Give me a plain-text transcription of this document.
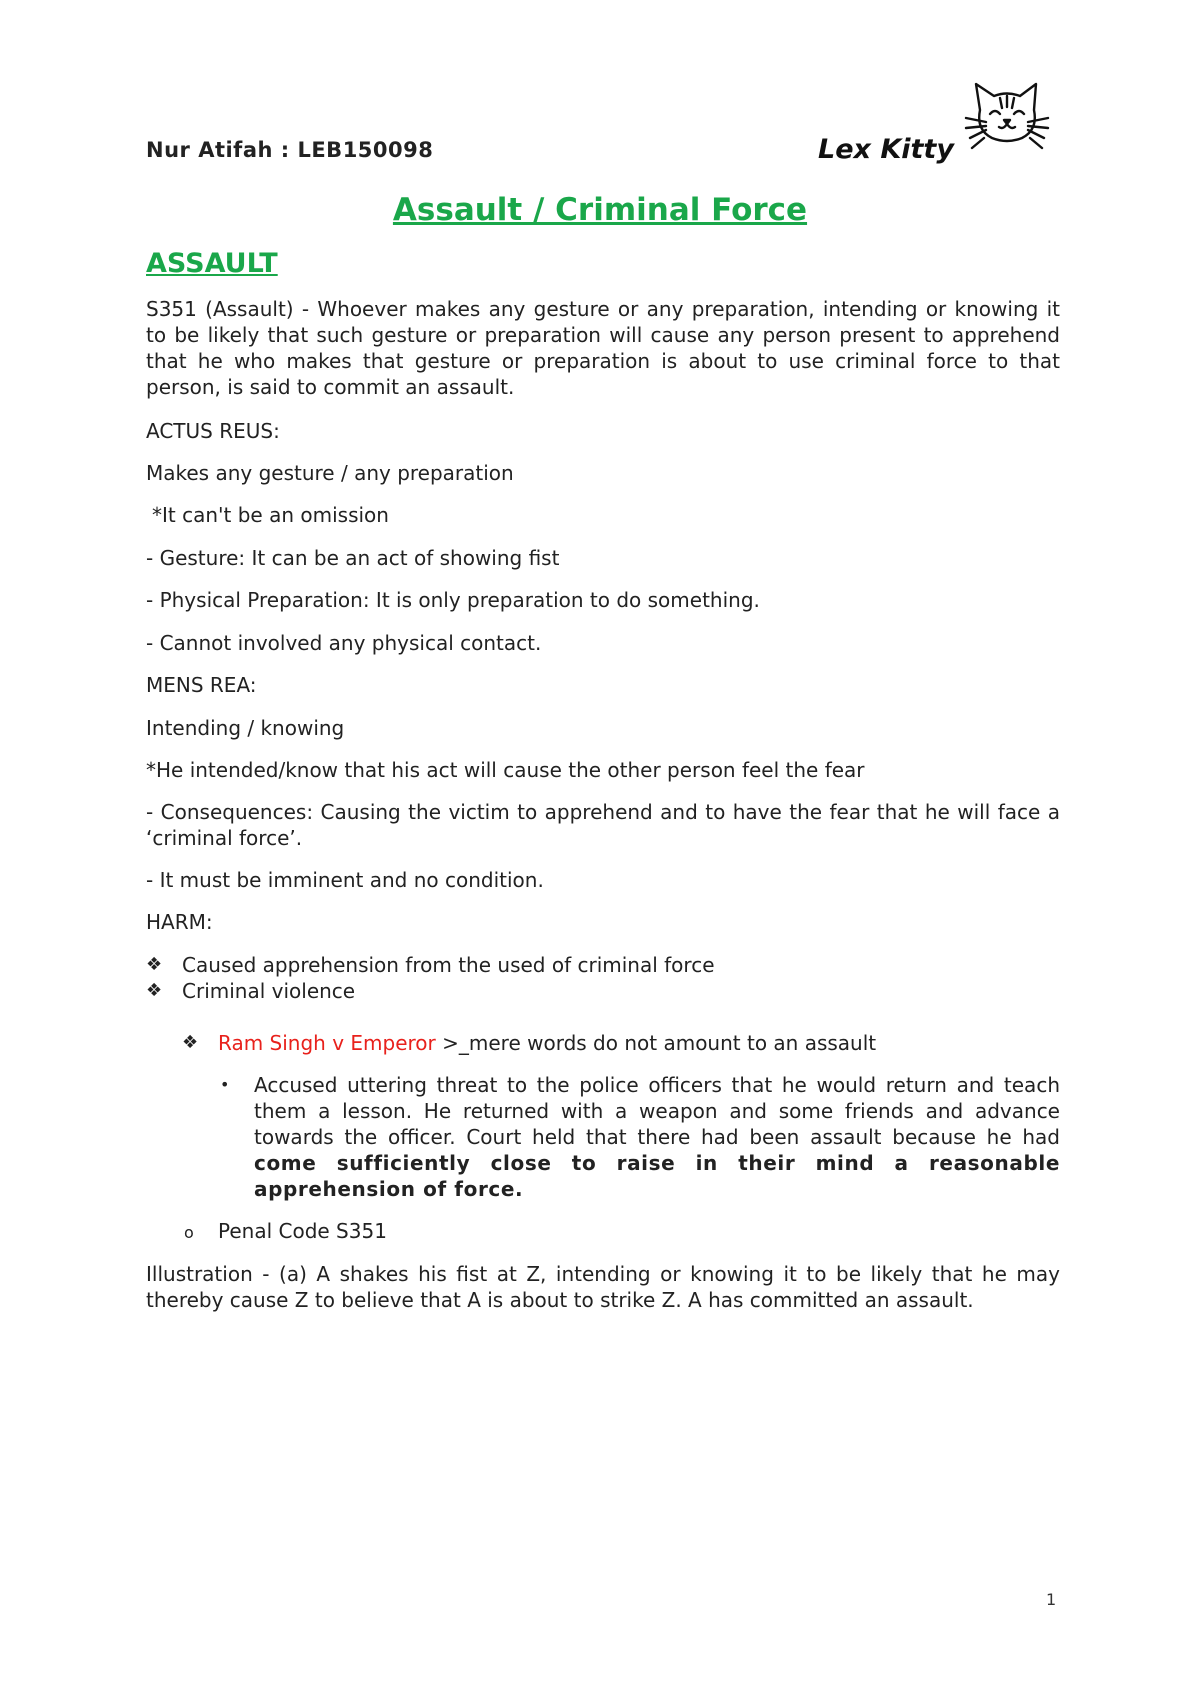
Nur Atifah : LEB150098	Lex Kitty
Assault / Criminal Force
ASSAULT
S351 (Assault) - Whoever makes any gesture or any preparation, intending or knowing it to be likely that such gesture or preparation will cause any person present to apprehend that he who makes that gesture or preparation is about to use criminal force to that person, is said to commit an assault.
ACTUS REUS:
Makes any gesture / any preparation
*It can't be an omission
- Gesture: It can be an act of showing fist
- Physical Preparation: It is only preparation to do something.
- Cannot involved any physical contact.
MENS REA:
Intending / knowing
*He intended/know that his act will cause the other person feel the fear
- Consequences: Causing the victim to apprehend and to have the fear that he will face a ‘criminal force’.
- It must be imminent and no condition.
HARM:
❖ Caused apprehension from the used of criminal force
❖ Criminal violence
❖ Ram Singh v Emperor >_mere words do not amount to an assault
• Accused uttering threat to the police officers that he would return and teach them a lesson. He returned with a weapon and some friends and advance towards the officer. Court held that there had been assault because he had come sufficiently close to raise in their mind a reasonable apprehension of force.
o Penal Code S351
Illustration - (a) A shakes his fist at Z, intending or knowing it to be likely that he may thereby cause Z to believe that A is about to strike Z. A has committed an assault.
1
